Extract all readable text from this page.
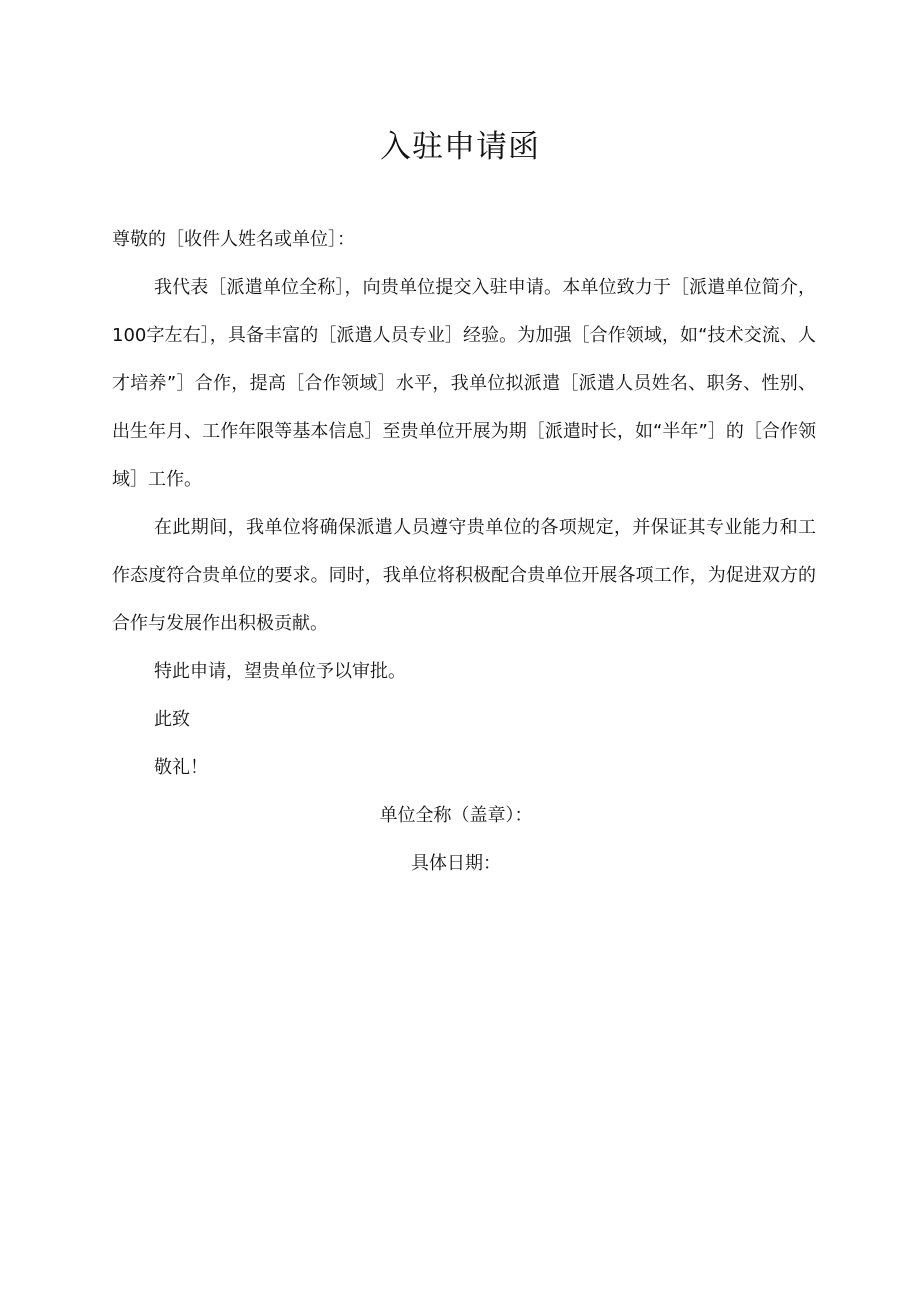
入驻申请函
尊敬的［收件人姓名或单位］：
我代表［派遣单位全称］，向贵单位提交入驻申请。本单位致力于［派遣单位简介，100字左右］，具备丰富的［派遣人员专业］经验。为加强［合作领域，如“技术交流、人才培养”］合作，提高［合作领域］水平，我单位拟派遣［派遣人员姓名、职务、性别、出生年月、工作年限等基本信息］至贵单位开展为期［派遣时长，如“半年”］的［合作领域］工作。
在此期间，我单位将确保派遣人员遵守贵单位的各项规定，并保证其专业能力和工作态度符合贵单位的要求。同时，我单位将积极配合贵单位开展各项工作，为促进双方的合作与发展作出积极贡献。
特此申请，望贵单位予以审批。
此致
敬礼！
单位全称（盖章）：
具体日期：
